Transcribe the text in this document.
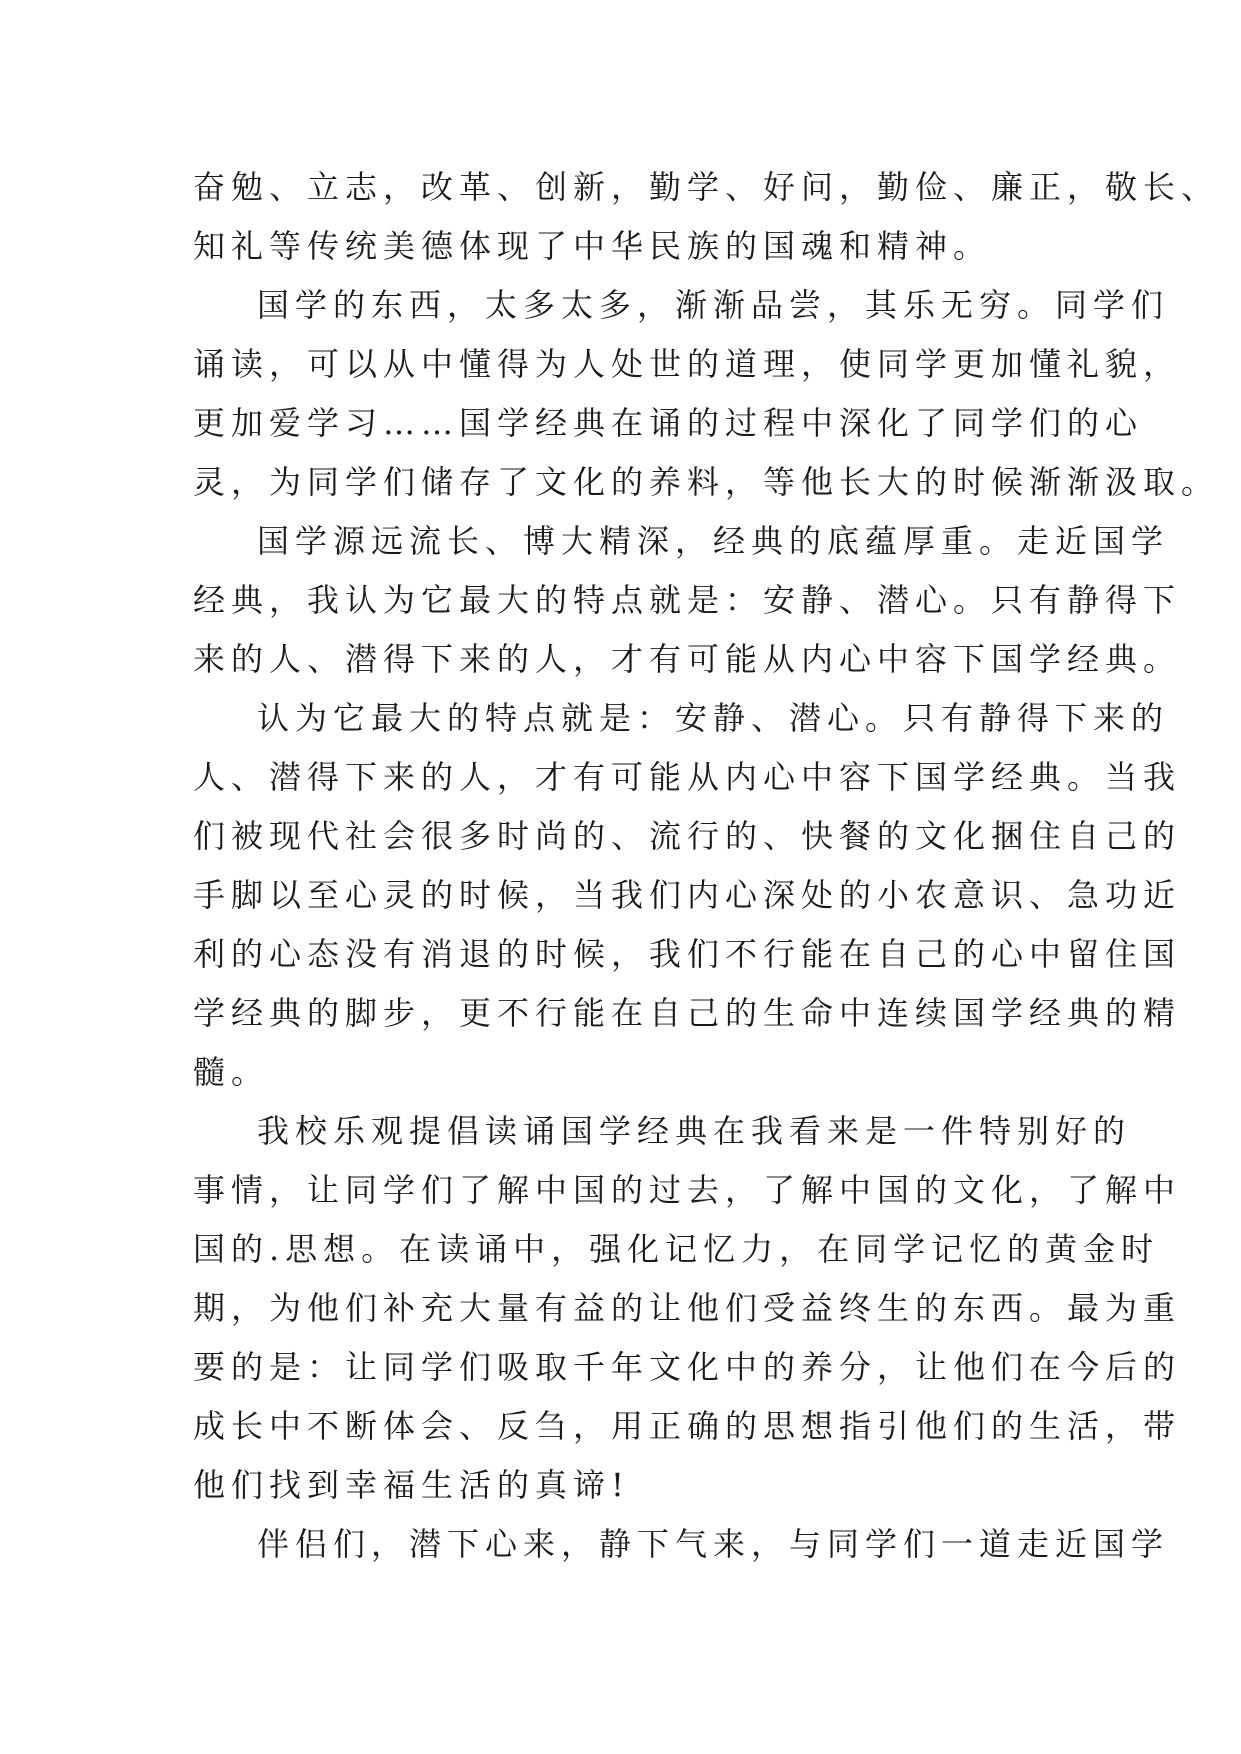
奋勉、立志，改革、创新，勤学、好问，勤俭、廉正，敬长、
知礼等传统美德体现了中华民族的国魂和精神。
国学的东西，太多太多，渐渐品尝，其乐无穷。同学们
诵读，可以从中懂得为人处世的道理，使同学更加懂礼貌，
更加爱学习……国学经典在诵的过程中深化了同学们的心
灵，为同学们储存了文化的养料，等他长大的时候渐渐汲取。
国学源远流长、博大精深，经典的底蕴厚重。走近国学
经典，我认为它最大的特点就是：安静、潜心。只有静得下
来的人、潜得下来的人，才有可能从内心中容下国学经典。
认为它最大的特点就是：安静、潜心。只有静得下来的
人、潜得下来的人，才有可能从内心中容下国学经典。当我
们被现代社会很多时尚的、流行的、快餐的文化捆住自己的
手脚以至心灵的时候，当我们内心深处的小农意识、急功近
利的心态没有消退的时候，我们不行能在自己的心中留住国
学经典的脚步，更不行能在自己的生命中连续国学经典的精
髓。
我校乐观提倡读诵国学经典在我看来是一件特别好的
事情，让同学们了解中国的过去，了解中国的文化，了解中
国的.思想。在读诵中，强化记忆力，在同学记忆的黄金时
期，为他们补充大量有益的让他们受益终生的东西。最为重
要的是：让同学们吸取千年文化中的养分，让他们在今后的
成长中不断体会、反刍，用正确的思想指引他们的生活，带
他们找到幸福生活的真谛!
伴侣们，潜下心来，静下气来，与同学们一道走近国学
